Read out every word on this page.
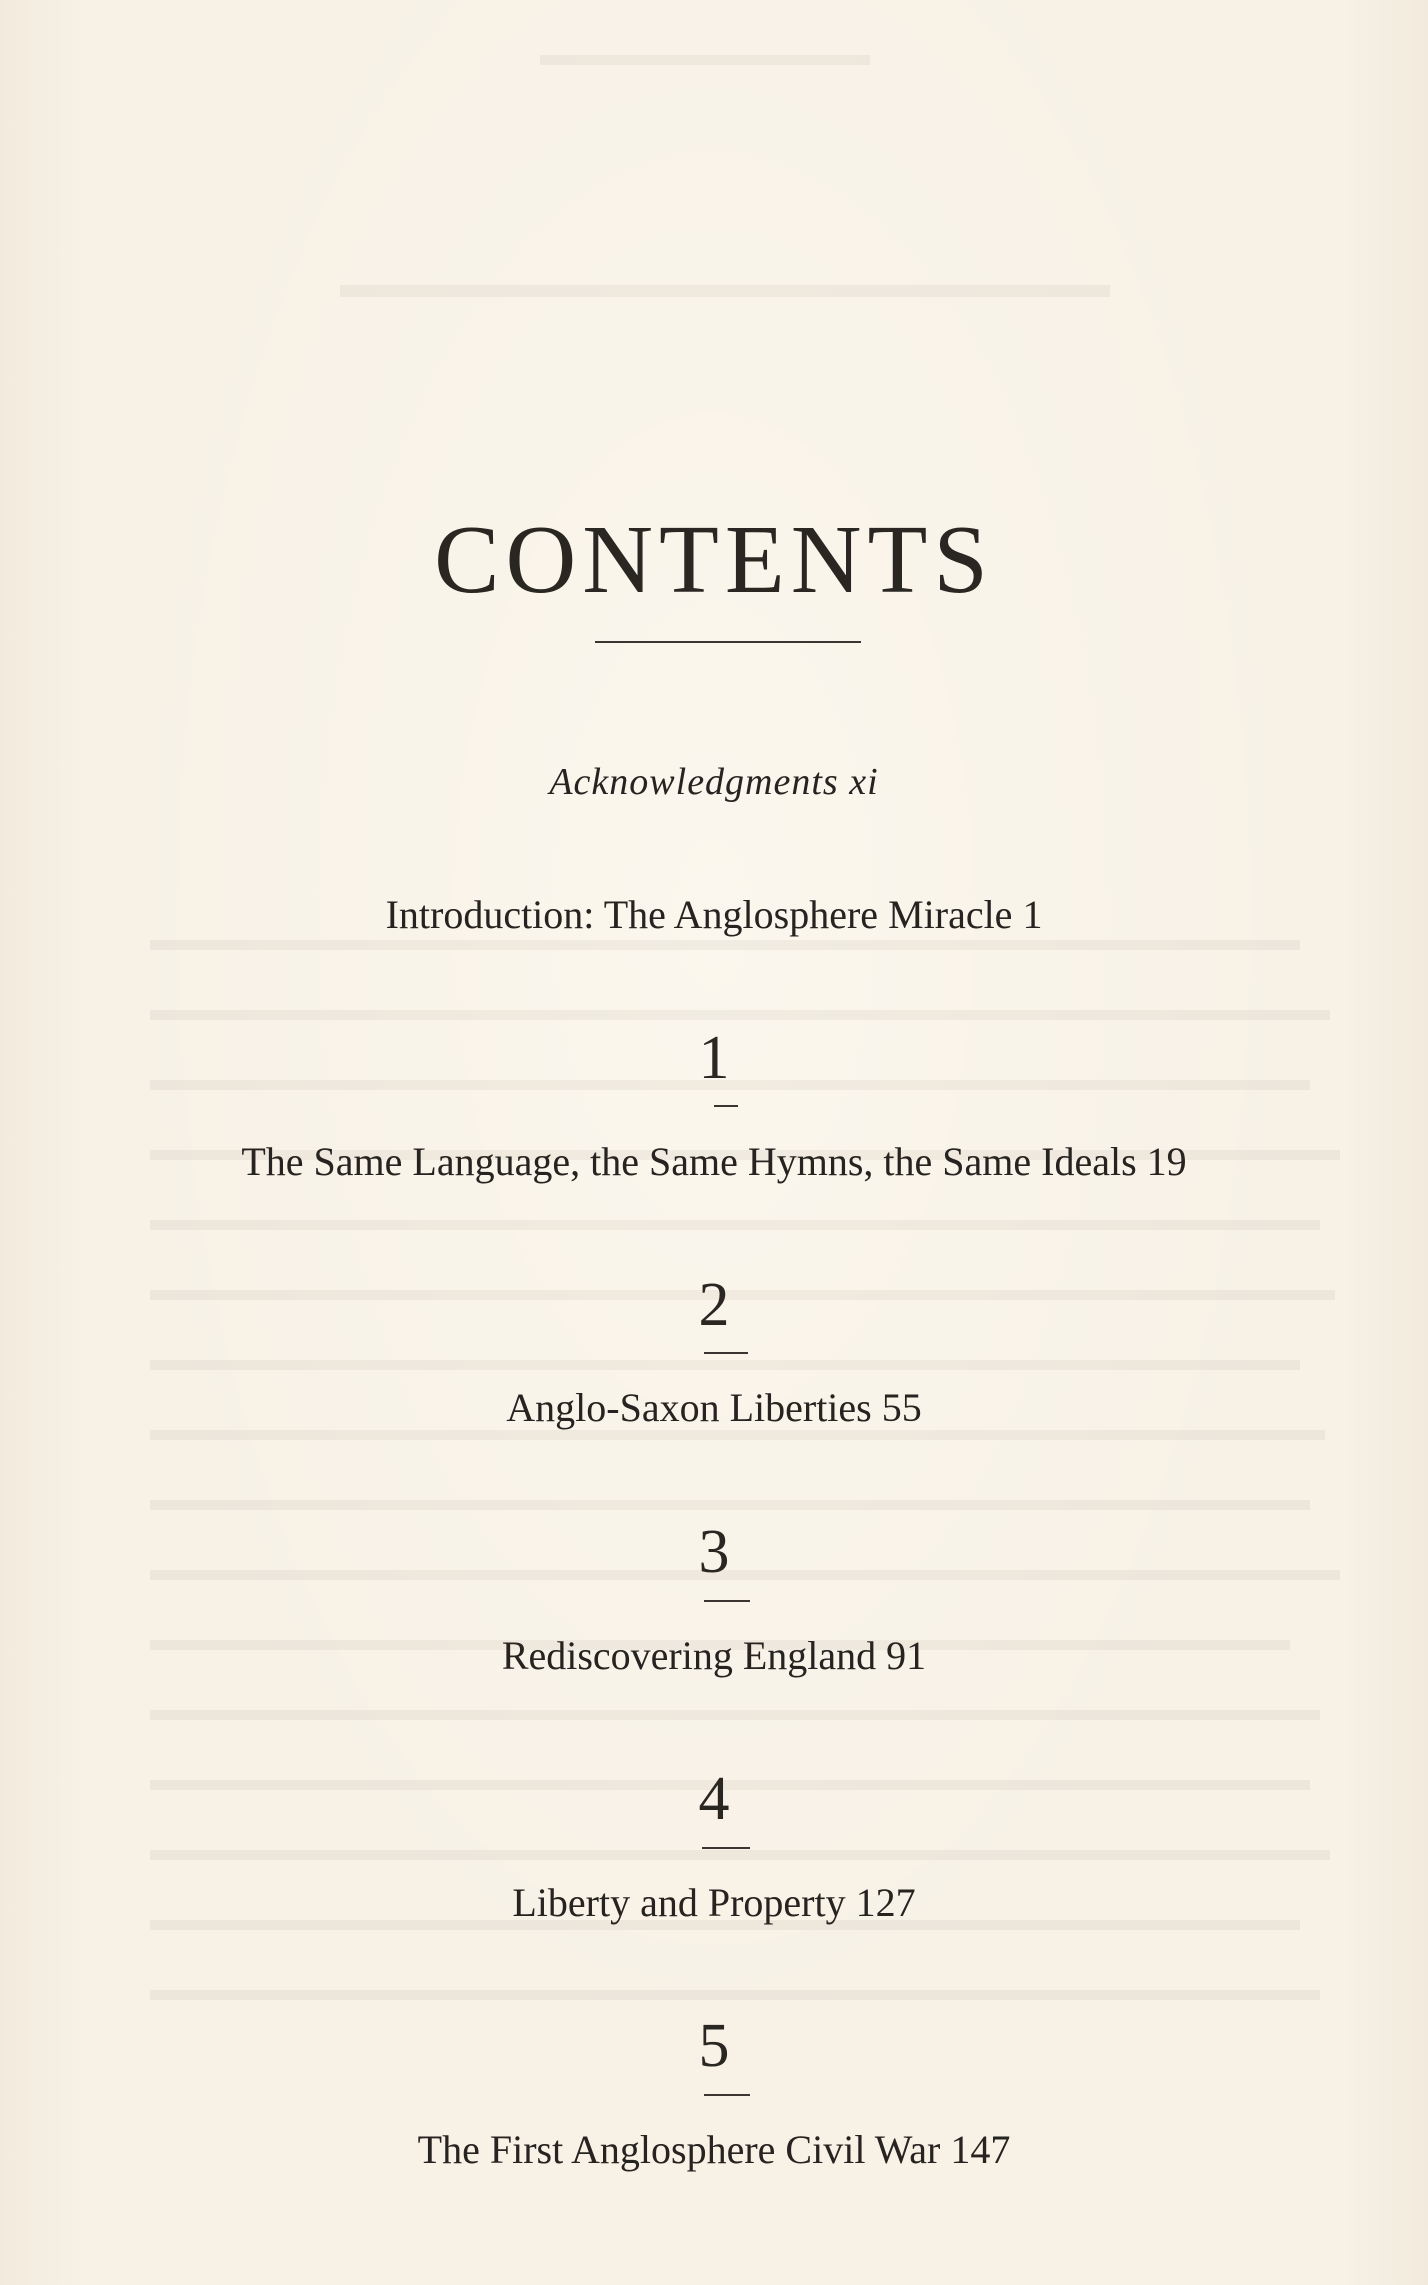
CONTENTS
Acknowledgments xi
Introduction: The Anglosphere Miracle 1
1
The Same Language, the Same Hymns, the Same Ideals 19
2
Anglo-Saxon Liberties 55
3
Rediscovering England 91
4
Liberty and Property 127
5
The First Anglosphere Civil War 147
